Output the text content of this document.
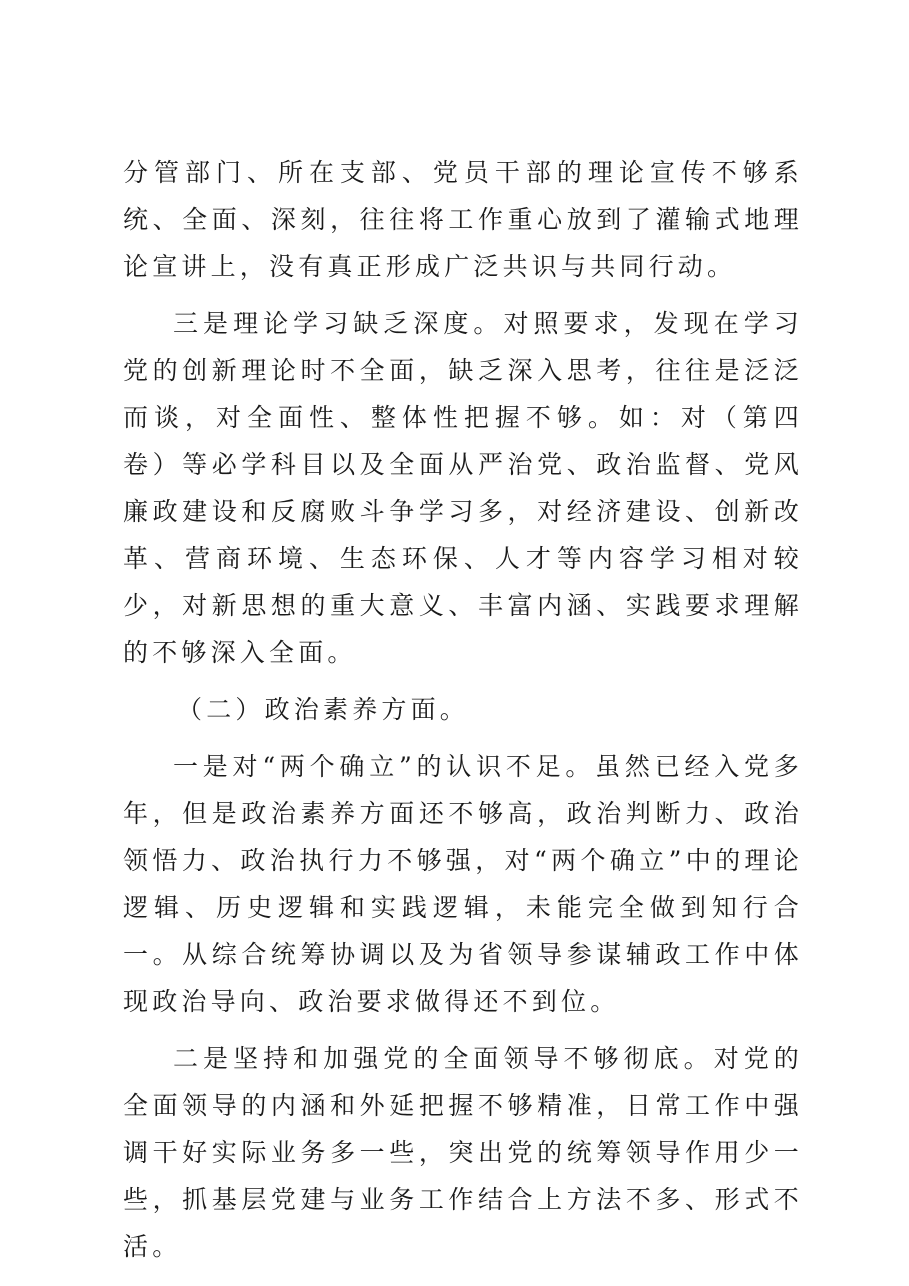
分管部门、所在支部、党员干部的理论宣传不够系统、全面、深刻，往往将工作重心放到了灌输式地理论宣讲上，没有真正形成广泛共识与共同行动。

三是理论学习缺乏深度。对照要求，发现在学习党的创新理论时不全面，缺乏深入思考，往往是泛泛而谈，对全面性、整体性把握不够。如：对（第四卷）等必学科目以及全面从严治党、政治监督、党风廉政建设和反腐败斗争学习多，对经济建设、创新改革、营商环境、生态环保、人才等内容学习相对较少，对新思想的重大意义、丰富内涵、实践要求理解的不够深入全面。

（二）政治素养方面。

一是对“两个确立”的认识不足。虽然已经入党多年，但是政治素养方面还不够高，政治判断力、政治领悟力、政治执行力不够强，对“两个确立”中的理论逻辑、历史逻辑和实践逻辑，未能完全做到知行合一。从综合统筹协调以及为省领导参谋辅政工作中体现政治导向、政治要求做得还不到位。

二是坚持和加强党的全面领导不够彻底。对党的全面领导的内涵和外延把握不够精准，日常工作中强调干好实际业务多一些，突出党的统筹领导作用少一些，抓基层党建与业务工作结合上方法不多、形式不活。
